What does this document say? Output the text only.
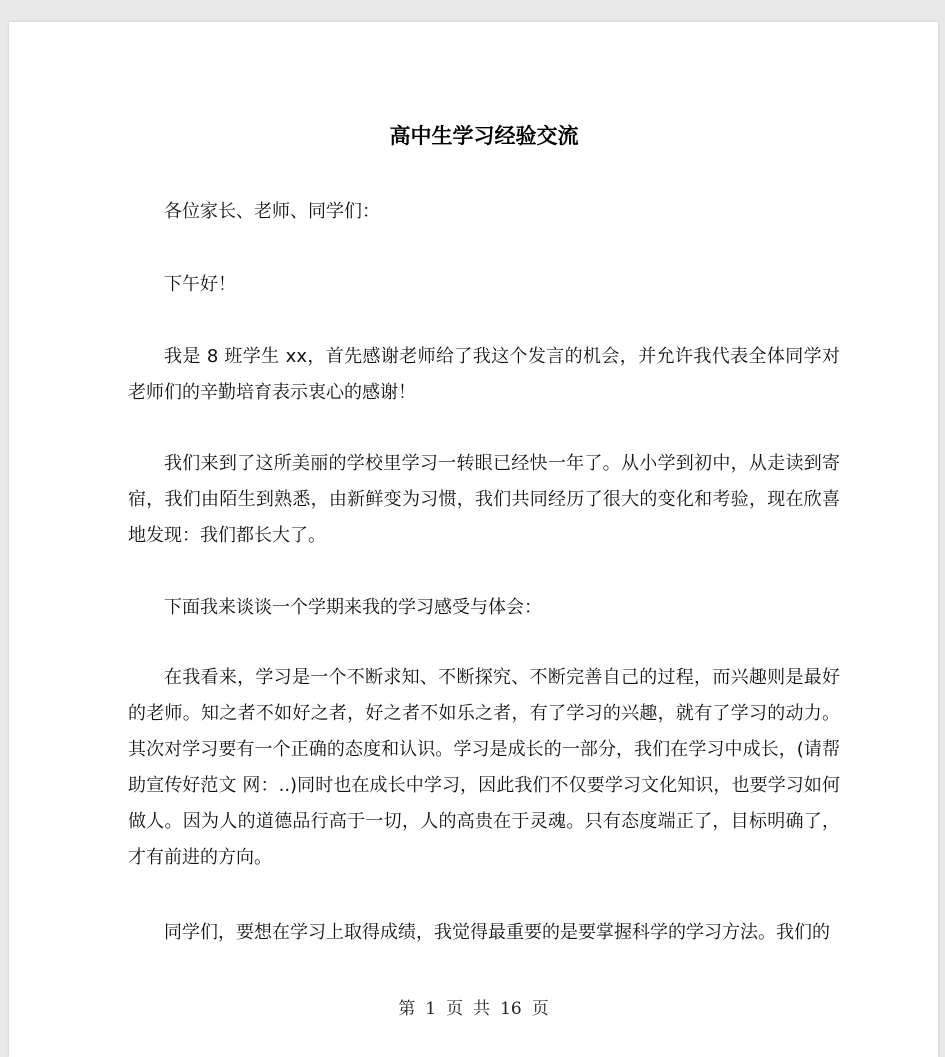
高中生学习经验交流

各位家长、老师、同学们：

下午好！

我是 8 班学生 xx，首先感谢老师给了我这个发言的机会，并允许我代表全体同学对老师们的辛勤培育表示衷心的感谢！

我们来到了这所美丽的学校里学习一转眼已经快一年了。从小学到初中，从走读到寄宿，我们由陌生到熟悉，由新鲜变为习惯，我们共同经历了很大的变化和考验，现在欣喜地发现：我们都长大了。

下面我来谈谈一个学期来我的学习感受与体会：

在我看来，学习是一个不断求知、不断探究、不断完善自己的过程，而兴趣则是最好的老师。知之者不如好之者，好之者不如乐之者，有了学习的兴趣，就有了学习的动力。其次对学习要有一个正确的态度和认识。学习是成长的一部分，我们在学习中成长，(请帮助宣传好范文 网：..)同时也在成长中学习，因此我们不仅要学习文化知识，也要学习如何做人。因为人的道德品行高于一切，人的高贵在于灵魂。只有态度端正了，目标明确了，才有前进的方向。

同学们，要想在学习上取得成绩，我觉得最重要的是要掌握科学的学习方法。我们的

第 1 页 共 16 页
